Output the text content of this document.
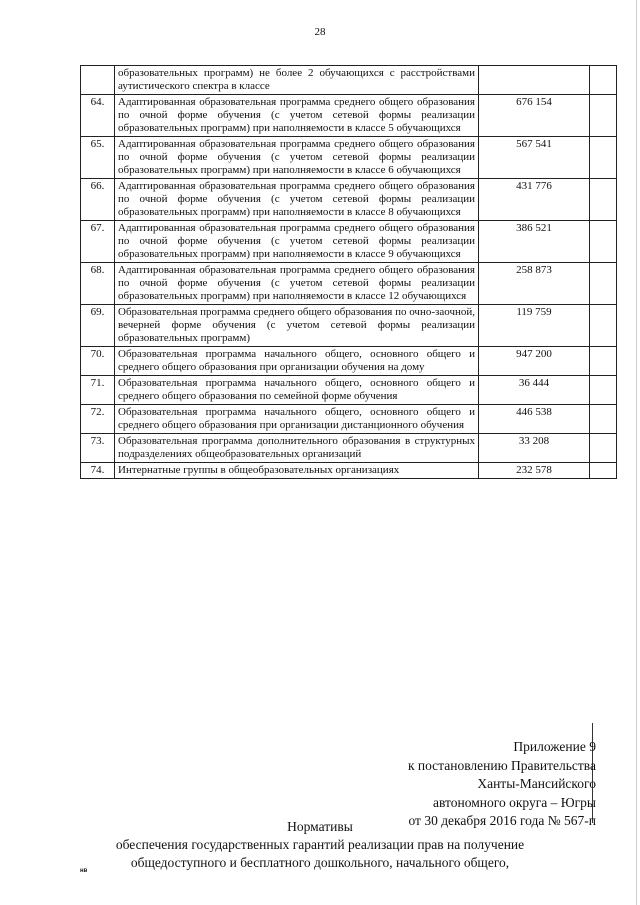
28
	образовательных программ) не более 2 обучающихся с расстройствами аутистического спектра в классе		
64.	Адаптированная образовательная программа среднего общего образования по очной форме обучения (с учетом сетевой формы реализации образовательных программ) при наполняемости в классе 5 обучающихся	676 154	
65.	Адаптированная образовательная программа среднего общего образования по очной форме обучения (с учетом сетевой формы реализации образовательных программ) при наполняемости в классе 6 обучающихся	567 541	
66.	Адаптированная образовательная программа среднего общего образования по очной форме обучения (с учетом сетевой формы реализации образовательных программ) при наполняемости в классе 8 обучающихся	431 776	
67.	Адаптированная образовательная программа среднего общего образования по очной форме обучения (с учетом сетевой формы реализации образовательных программ) при наполняемости в классе 9 обучающихся	386 521	
68.	Адаптированная образовательная программа среднего общего образования по очной форме обучения (с учетом сетевой формы реализации образовательных программ) при наполняемости в классе 12 обучающихся	258 873	
69.	Образовательная программа среднего общего образования по очно-заочной, вечерней форме обучения (с учетом сетевой формы реализации образовательных программ)	119 759	
70.	Образовательная программа начального общего, основного общего и среднего общего образования при организации обучения на дому	947 200	
71.	Образовательная программа начального общего, основного общего и среднего общего образования по семейной форме обучения	36 444	
72.	Образовательная программа начального общего, основного общего и среднего общего образования при организации дистанционного обучения	446 538	
73.	Образовательная программа дополнительного образования в структурных подразделениях общеобразовательных организаций	33 208	
74.	Интернатные группы в общеобразовательных организациях	232 578	
Приложение 9
к постановлению Правительства
Ханты-Мансийского
автономного округа – Югры
от 30 декабря 2016 года № 567-п
Нормативы
обеспечения государственных гарантий реализации прав на получение
общедоступного и бесплатного дошкольного, начального общего,
нв
